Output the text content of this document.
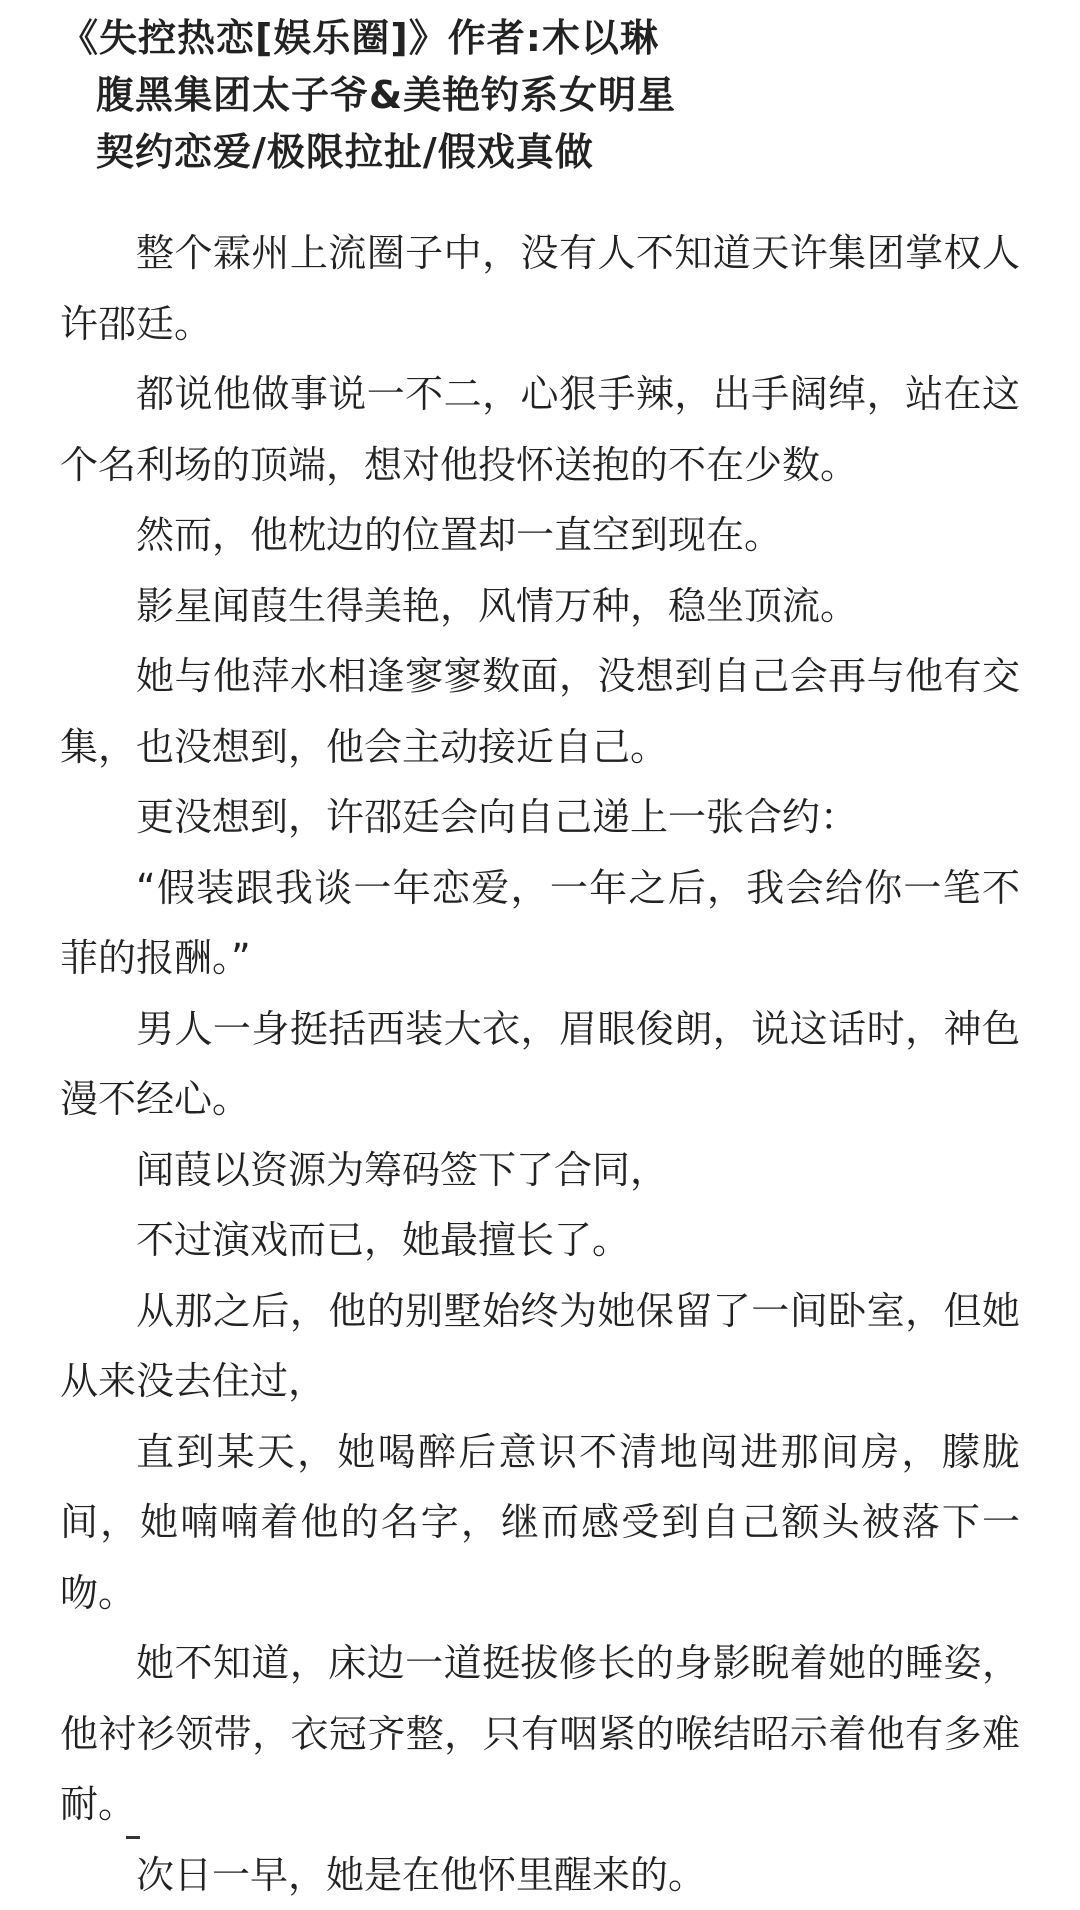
《失控热恋[娱乐圈]》作者:木以琳
腹黑集团太子爷&美艳钓系女明星
契约恋爱/极限拉扯/假戏真做

整个霖州上流圈子中，没有人不知道天许集团掌权人许邵廷。

都说他做事说一不二，心狠手辣，出手阔绰，站在这个名利场的顶端，想对他投怀送抱的不在少数。

然而，他枕边的位置却一直空到现在。

影星闻葭生得美艳，风情万种，稳坐顶流。

她与他萍水相逢寥寥数面，没想到自己会再与他有交集，也没想到，他会主动接近自己。

更没想到，许邵廷会向自己递上一张合约：

“假装跟我谈一年恋爱，一年之后，我会给你一笔不菲的报酬。”

男人一身挺括西装大衣，眉眼俊朗，说这话时，神色漫不经心。

闻葭以资源为筹码签下了合同，

不过演戏而已，她最擅长了。

从那之后，他的别墅始终为她保留了一间卧室，但她从来没去住过，

直到某天，她喝醉后意识不清地闯进那间房，朦胧间，她喃喃着他的名字，继而感受到自己额头被落下一吻。

她不知道，床边一道挺拔修长的身影睨着她的睡姿，他衬衫领带，衣冠齐整，只有咽紧的喉结昭示着他有多难耐。

次日一早，她是在他怀里醒来的。
